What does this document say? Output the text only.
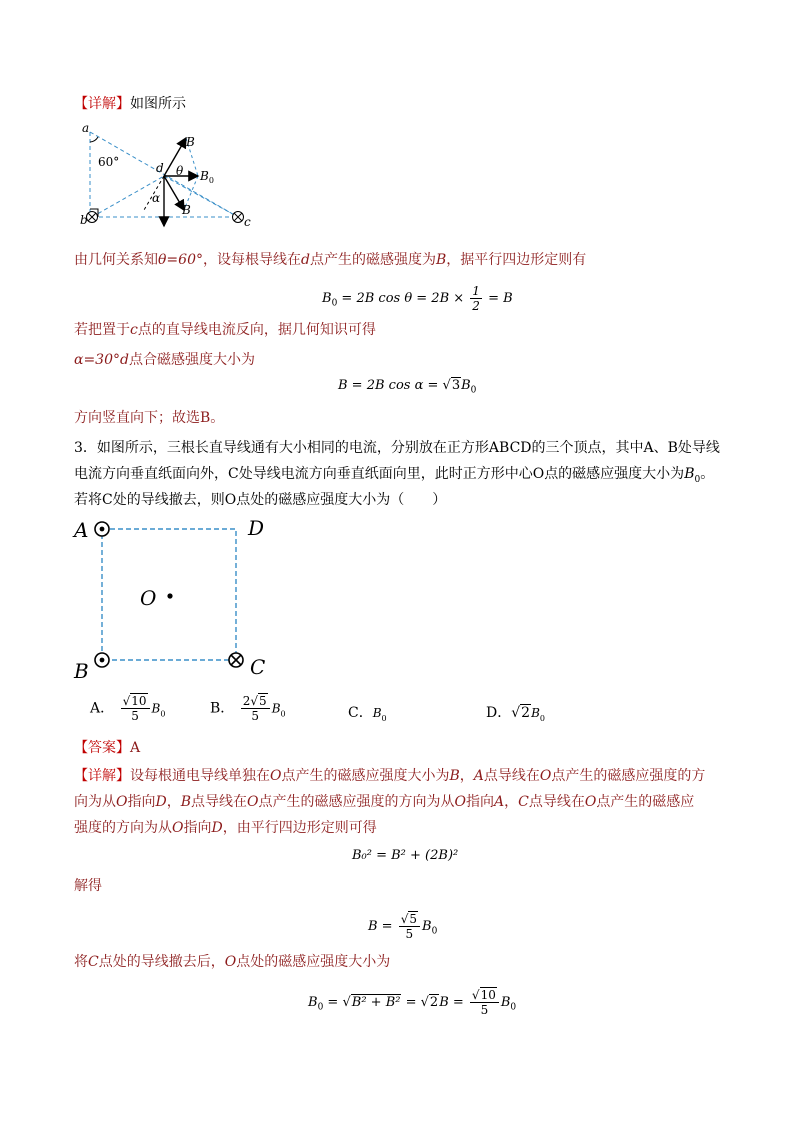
【详解】如图所示
a
b	c
d
60°
B
$B_0$
B
θ
α
由几何关系知θ=60°，设每根导线在d点产生的磁感强度为B，据平行四边形定则有
$B_0 = 2B$ $\cos \theta = 2B \times \frac{1}{2} = B$
若把置于c点的直导线电流反向，据几何知识可得
α=30°d点合磁感强度大小为
B = 2B $\cos \alpha = √3B_0$
方向竖直向下；故选B。
3．如图所示，三根长直导线通有大小相同的电流，分别放在正方形ABCD的三个顶点，其中A、B处导线
电流方向垂直纸面向外，C处导线电流方向垂直纸面向里，此时正方形中心O点的磁感应强度大小为$B_0$。
若将C处的导线撤去，则O点处的磁感应强度大小为（　　）
A	D
B	C
O
A． $\frac{√10}{5} B_0$	B． $\frac{2√5}{5} B_0$	C．$B_0$	D．$√2B_0$
【答案】A
【详解】设每根通电导线单独在O点产生的磁感应强度大小为B，A点导线在O点产生的磁感应强度的方
向为从O指向D，B点导线在O点产生的磁感应强度的方向为从O指向A，C点导线在O点产生的磁感应
强度的方向为从O指向D，由平行四边形定则可得
B₀² = B² + (2B)²
解得
$B = \frac{√5}{5} B_0$
将C点处的导线撤去后，O点处的磁感应强度大小为
$B_0 = √B^2 + B^2 = √2B = \frac{√10}{5} B_0$
